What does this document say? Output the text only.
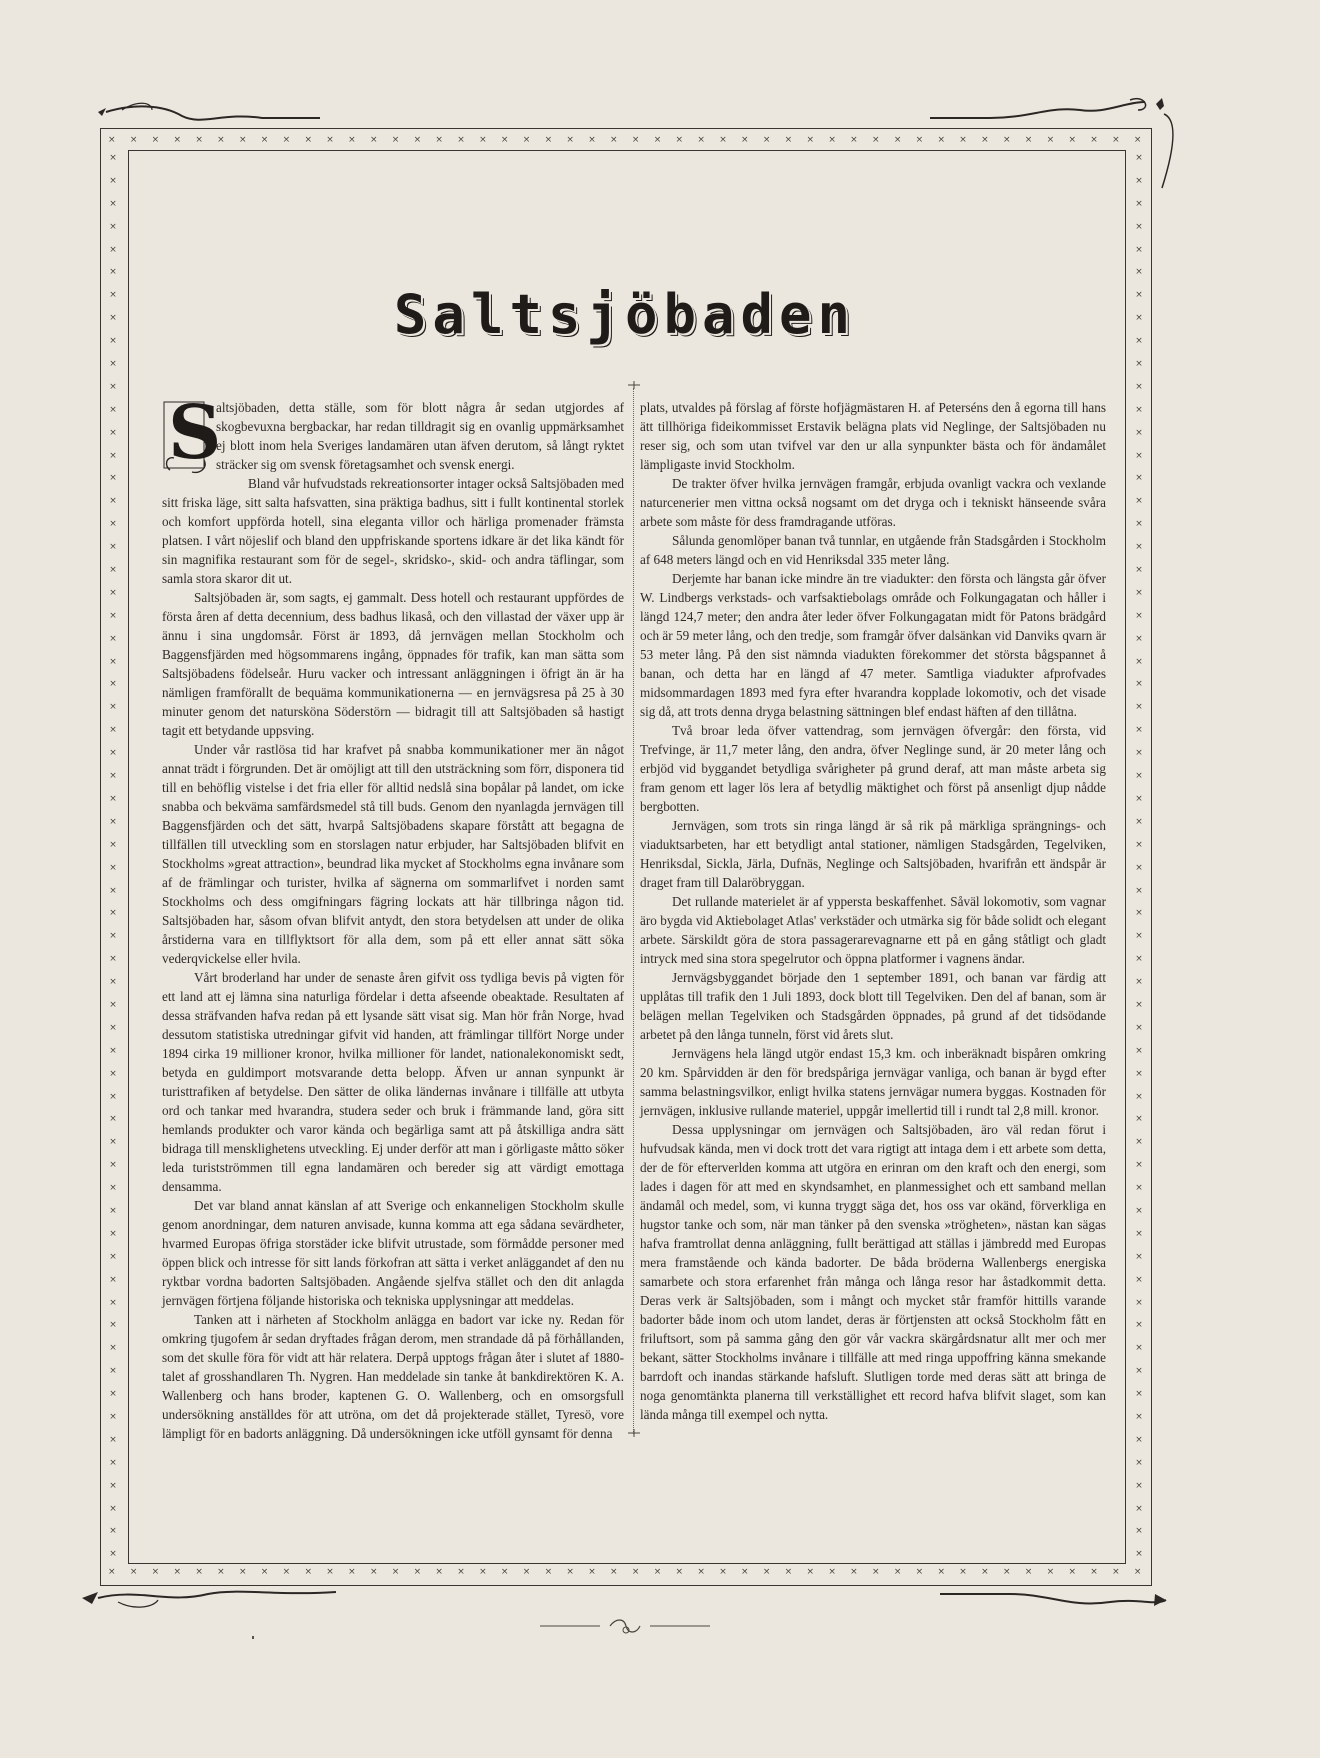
× × × × × × × × × × × × × × × × × × × × × × × × × × × × × × × × × × × × × × × × × × × × × × × ×
× × × × × × × × × × × × × × × × × × × × × × × × × × × × × × × × × × × × × × × × × × × × × × × ×
×
×
×
×
×
×
×
×
×
×
×
×
×
×
×
×
×
×
×
×
×
×
×
×
×
×
×
×
×
×
×
×
×
×
×
×
×
×
×
×
×
×
×
×
×
×
×
×
×
×
×
×
×
×
×
×
×
×
×
×
×
×
×
×
×
×
×
×
×
×
×
×
×
×
×
×
×
×
×
×
×
×
×
×
×
×
×
×
×
×
×
×
×
×
×
×
×
×
×
×
×
×
×
×
×
×
×
×
×
×
×
×
×
×
×
×
×
×
×
×
×
×
×
×
Saltsjöbaden
S

altsjöbaden, detta ställe, som för blott några år sedan utgjordes af skogbevuxna bergbackar, har redan tilldragit sig en ovanlig uppmärksamhet ej blott inom hela Sveriges landamären utan äfven derutom, så långt ryktet sträcker sig om svensk företagsamhet och svensk energi.

Bland vår hufvudstads rekreationsorter intager också Saltsjöbaden med sitt friska läge, sitt salta hafsvatten, sina präktiga badhus, sitt i fullt kontinental storlek och komfort uppförda hotell, sina eleganta villor och härliga promenader främsta platsen. I vårt nöjeslif och bland den uppfriskande sportens idkare är det lika kändt för sin magnifika restaurant som för de segel-, skridsko-, skid- och andra täflingar, som samla stora skaror dit ut.

Saltsjöbaden är, som sagts, ej gammalt. Dess hotell och restaurant uppfördes de första åren af detta decennium, dess badhus likaså, och den villastad der växer upp är ännu i sina ungdomsår. Först är 1893, då jernvägen mellan Stockholm och Baggensfjärden med högsommarens ingång, öppnades för trafik, kan man sätta som Saltsjöbadens födelseår. Huru vacker och intressant anläggningen i öfrigt än är ha nämligen framförallt de bequäma kommunikationerna — en jernvägsresa på 25 à 30 minuter genom det natursköna Söderstörn — bidragit till att Saltsjöbaden så hastigt tagit ett betydande uppsving.

Under vår rastlösa tid har krafvet på snabba kommunikationer mer än något annat trädt i förgrunden. Det är omöjligt att till den utsträckning som förr, disponera tid till en behöflig vistelse i det fria eller för alltid nedslå sina bopålar på landet, om icke snabba och bekväma samfärdsmedel stå till buds. Genom den nyanlagda jernvägen till Baggensfjärden och det sätt, hvarpå Saltsjöbadens skapare förstått att begagna de tillfällen till utveckling som en storslagen natur erbjuder, har Saltsjöbaden blifvit en Stockholms »great attraction», beundrad lika mycket af Stockholms egna invånare som af de främlingar och turister, hvilka af sägnerna om sommarlifvet i norden samt Stockholms och dess omgifningars fägring lockats att här tillbringa någon tid. Saltsjöbaden har, såsom ofvan blifvit antydt, den stora betydelsen att under de olika årstiderna vara en tillflyktsort för alla dem, som på ett eller annat sätt söka vederqvickelse eller hvila.

Vårt broderland har under de senaste åren gifvit oss tydliga bevis på vigten för ett land att ej lämna sina naturliga fördelar i detta afseende obeaktade. Resultaten af dessa sträfvanden hafva redan på ett lysande sätt visat sig. Man hör från Norge, hvad dessutom statistiska utredningar gifvit vid handen, att främlingar tillfört Norge under 1894 cirka 19 millioner kronor, hvilka millioner för landet, nationalekonomiskt sedt, betyda en guldimport motsvarande detta belopp. Äfven ur annan synpunkt är turisttrafiken af betydelse. Den sätter de olika ländernas invånare i tillfälle att utbyta ord och tankar med hvarandra, studera seder och bruk i främmande land, göra sitt hemlands produkter och varor kända och begärliga samt att på åtskilliga andra sätt bidraga till mensklighetens utveckling. Ej under derför att man i görligaste måtto söker leda turistströmmen till egna landamären och bereder sig att värdigt emottaga densamma.

Det var bland annat känslan af att Sverige och enkanneligen Stockholm skulle genom anordningar, dem naturen anvisade, kunna komma att ega sådana sevärdheter, hvarmed Europas öfriga storstäder icke blifvit utrustade, som förmådde personer med öppen blick och intresse för sitt lands förkofran att sätta i verket anläggandet af den nu ryktbar vordna badorten Saltsjöbaden. Angående sjelfva stället och den dit anlagda jernvägen förtjena följande historiska och tekniska upplysningar att meddelas.

Tanken att i närheten af Stockholm anlägga en badort var icke ny. Redan för omkring tjugofem år sedan dryftades frågan derom, men strandade då på förhållanden, som det skulle föra för vidt att här relatera. Derpå upptogs frågan åter i slutet af 1880-talet af grosshandlaren Th. Nygren. Han meddelade sin tanke åt bankdirektören K. A. Wallenberg och hans broder, kaptenen G. O. Wallenberg, och en omsorgsfull undersökning anställdes för att utröna, om det då projekterade stället, Tyresö, vore lämpligt för en badorts anläggning. Då undersökningen icke utföll gynsamt för denna

plats, utvaldes på förslag af förste hofjägmästaren H. af Peterséns den å egorna till hans ätt tillhöriga fideikommisset Erstavik belägna plats vid Neglinge, der Saltsjöbaden nu reser sig, och som utan tvifvel var den ur alla synpunkter bästa och för ändamålet lämpligaste invid Stockholm.

De trakter öfver hvilka jernvägen framgår, erbjuda ovanligt vackra och vexlande naturcenerier men vittna också nogsamt om det dryga och i tekniskt hänseende svåra arbete som måste för dess framdragande utföras.

Sålunda genomlöper banan två tunnlar, en utgående från Stadsgården i Stockholm af 648 meters längd och en vid Henriksdal 335 meter lång.

Derjemte har banan icke mindre än tre viadukter: den första och längsta går öfver W. Lindbergs verkstads- och varfsaktiebolags område och Folkungagatan och håller i längd 124,7 meter; den andra åter leder öfver Folkungagatan midt för Patons brädgård och är 59 meter lång, och den tredje, som framgår öfver dalsänkan vid Danviks qvarn är 53 meter lång. På den sist nämnda viadukten förekommer det största bågspannet å banan, och detta har en längd af 47 meter. Samtliga viadukter afprofvades midsommardagen 1893 med fyra efter hvarandra kopplade lokomotiv, och det visade sig då, att trots denna dryga belastning sättningen blef endast häften af den tillåtna.

Två broar leda öfver vattendrag, som jernvägen öfvergår: den första, vid Trefvinge, är 11,7 meter lång, den andra, öfver Neglinge sund, är 20 meter lång och erbjöd vid byggandet betydliga svårigheter på grund deraf, att man måste arbeta sig fram genom ett lager lös lera af betydlig mäktighet och först på ansenligt djup nådde bergbotten.

Jernvägen, som trots sin ringa längd är så rik på märkliga sprängnings- och viaduktsarbeten, har ett betydligt antal stationer, nämligen Stadsgården, Tegelviken, Henriksdal, Sickla, Järla, Dufnäs, Neglinge och Saltsjöbaden, hvarifrån ett ändspår är draget fram till Dalaröbryggan.

Det rullande materielet är af yppersta beskaffenhet. Såväl lokomotiv, som vagnar äro bygda vid Aktiebolaget Atlas' verkstäder och utmärka sig för både solidt och elegant arbete. Särskildt göra de stora passagerarevagnarne ett på en gång ståtligt och gladt intryck med sina stora spegelrutor och öppna platformer i vagnens ändar.

Jernvägsbyggandet började den 1 september 1891, och banan var färdig att upplåtas till trafik den 1 Juli 1893, dock blott till Tegelviken. Den del af banan, som är belägen mellan Tegelviken och Stadsgården öppnades, på grund af det tidsödande arbetet på den långa tunneln, först vid årets slut.

Jernvägens hela längd utgör endast 15,3 km. och inberäknadt bispåren omkring 20 km. Spårvidden är den för bredspåriga jernvägar vanliga, och banan är bygd efter samma belastningsvilkor, enligt hvilka statens jernvägar numera byggas. Kostnaden för jernvägen, inklusive rullande materiel, uppgår imellertid till i rundt tal 2,8 mill. kronor.

Dessa upplysningar om jernvägen och Saltsjöbaden, äro väl redan förut i hufvudsak kända, men vi dock trott det vara rigtigt att intaga dem i ett arbete som detta, der de för efterverlden komma att utgöra en erinran om den kraft och den energi, som lades i dagen för att med en skyndsamhet, en planmessighet och ett samband mellan ändamål och medel, som, vi kunna tryggt säga det, hos oss var okänd, förverkliga en hugstor tanke och som, när man tänker på den svenska »trögheten», nästan kan sägas hafva framtrollat denna anläggning, fullt berättigad att ställas i jämbredd med Europas mera framstående och kända badorter. De båda bröderna Wallenbergs energiska samarbete och stora erfarenhet från många och långa resor har åstadkommit detta. Deras verk är Saltsjöbaden, som i mångt och mycket står framför hittills varande badorter både inom och utom landet, deras är förtjensten att också Stockholm fått en friluftsort, som på samma gång den gör vår vackra skärgårdsnatur allt mer och mer bekant, sätter Stockholms invånare i tillfälle att med ringa uppoffring känna smekande barrdoft och inandas stärkande hafsluft. Slutligen torde med deras sätt att bringa de noga genomtänkta planerna till verkställighet ett record hafva blifvit slaget, som kan lända många till exempel och nytta.
